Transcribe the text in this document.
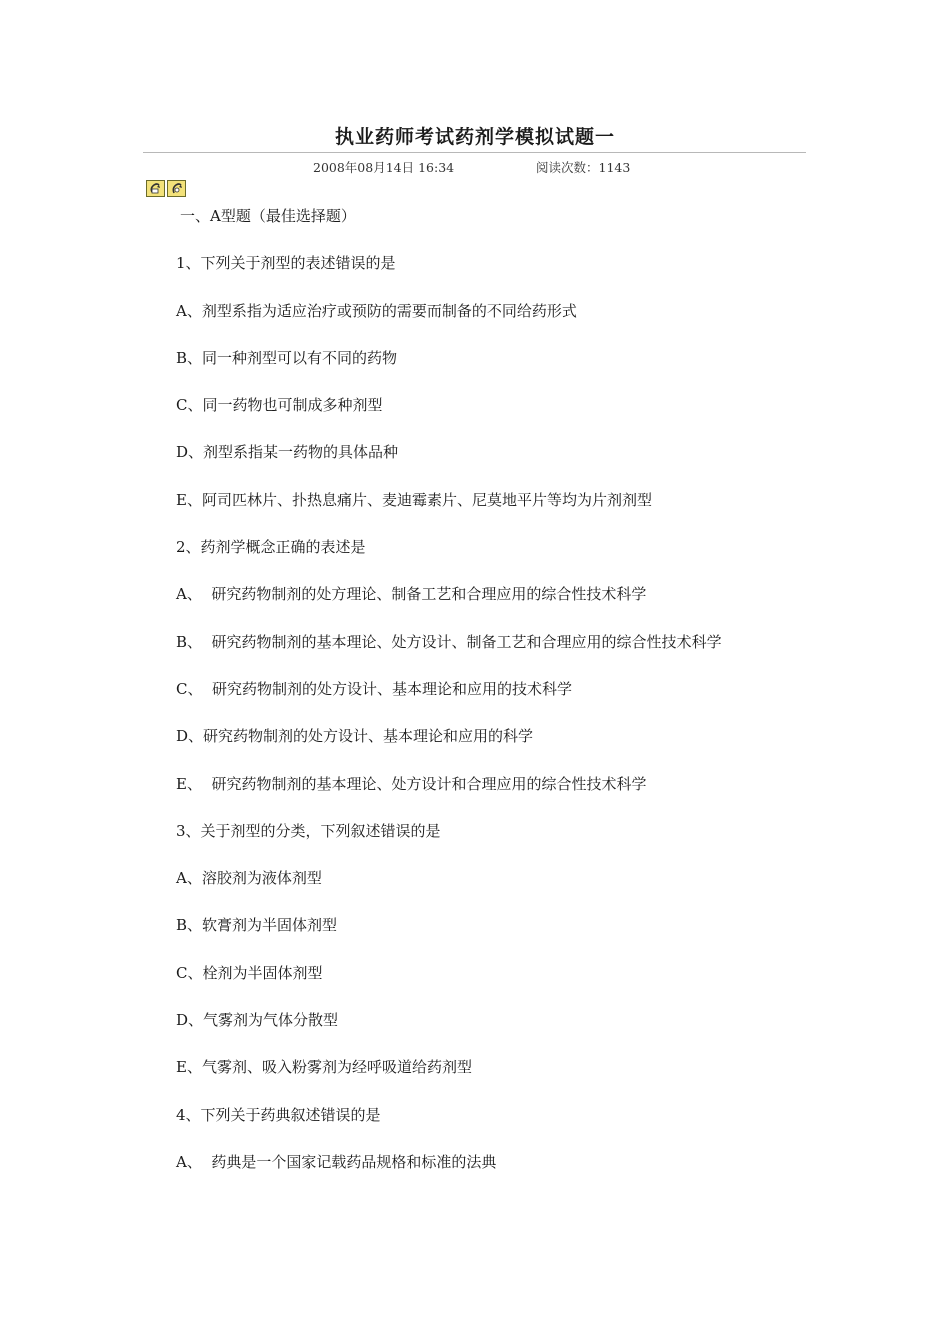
执业药师考试药剂学模拟试题一
2008年08月14日 16:34	阅读次数：1143
一、A型题（最佳选择题）
1、下列关于剂型的表述错误的是
A、剂型系指为适应治疗或预防的需要而制备的不同给药形式
B、同一种剂型可以有不同的药物
C、同一药物也可制成多种剂型
D、剂型系指某一药物的具体品种
E、阿司匹林片、扑热息痛片、麦迪霉素片、尼莫地平片等均为片剂剂型
2、药剂学概念正确的表述是
A、  研究药物制剂的处方理论、制备工艺和合理应用的综合性技术科学
B、  研究药物制剂的基本理论、处方设计、制备工艺和合理应用的综合性技术科学
C、  研究药物制剂的处方设计、基本理论和应用的技术科学
D、研究药物制剂的处方设计、基本理论和应用的科学
E、  研究药物制剂的基本理论、处方设计和合理应用的综合性技术科学
3、关于剂型的分类，下列叙述错误的是
A、溶胶剂为液体剂型
B、软膏剂为半固体剂型
C、栓剂为半固体剂型
D、气雾剂为气体分散型
E、气雾剂、吸入粉雾剂为经呼吸道给药剂型
4、下列关于药典叙述错误的是
A、  药典是一个国家记载药品规格和标准的法典
